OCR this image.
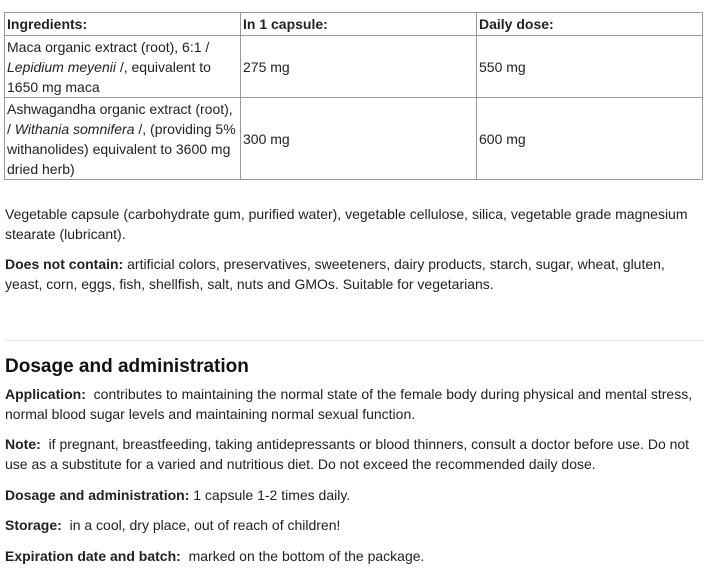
Ingredients:	In 1 capsule:	Daily dose:
Maca organic extract (root), 6:1 /
Lepidium meyenii /, equivalent to 1650 mg maca	275 mg	550 mg
Ashwagandha organic extract (root), / Withania somnifera /, (providing 5% withanolides) equivalent to 3600 mg dried herb)	300 mg	600 mg

Vegetable capsule (carbohydrate gum, purified water), vegetable cellulose, silica, vegetable grade magnesium stearate (lubricant).

Does not contain: artificial colors, preservatives, sweeteners, dairy products, starch, sugar, wheat, gluten, yeast, corn, eggs, fish, shellfish, salt, nuts and GMOs. Suitable for vegetarians.

Dosage and administration

Application: contributes to maintaining the normal state of the female body during physical and mental stress, normal blood sugar levels and maintaining normal sexual function.

Note: if pregnant, breastfeeding, taking antidepressants or blood thinners, consult a doctor before use. Do not use as a substitute for a varied and nutritious diet. Do not exceed the recommended daily dose.

Dosage and administration: 1 capsule 1-2 times daily.

Storage: in a cool, dry place, out of reach of children!

Expiration date and batch: marked on the bottom of the package.
